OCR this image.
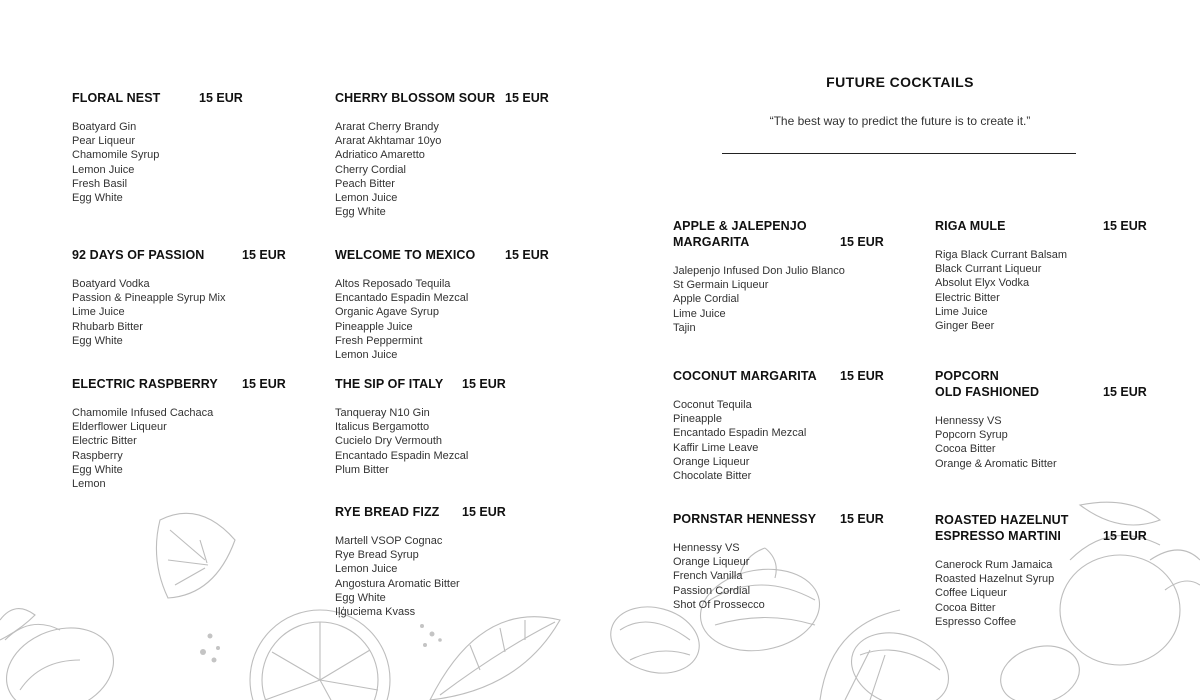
FLORAL NEST	15 EUR
Boatyard Gin
Pear Liqueur
Chamomile Syrup
Lemon Juice
Fresh Basil
Egg White
CHERRY BLOSSOM SOUR 15 EUR
Ararat Cherry Brandy
Ararat Akhtamar 10yo
Adriatico Amaretto
Cherry Cordial
Peach Bitter
Lemon Juice
Egg White
92 DAYS OF PASSION	15 EUR
Boatyard Vodka
Passion & Pineapple Syrup Mix
Lime Juice
Rhubarb Bitter
Egg White
WELCOME TO MEXICO 15 EUR
Altos Reposado Tequila
Encantado Espadin Mezcal
Organic Agave Syrup
Pineapple Juice
Fresh Peppermint
Lemon Juice
ELECTRIC RASPBERRY 15 EUR
Chamomile Infused Cachaca
Elderflower Liqueur
Electric Bitter
Raspberry
Egg White
Lemon
THE SIP OF ITALY 15 EUR
Tanqueray N10 Gin
Italicus Bergamotto
Cucielo Dry Vermouth
Encantado Espadin Mezcal
Plum Bitter
RYE BREAD FIZZ 15 EUR
Martell VSOP Cognac
Rye Bread Syrup
Lemon Juice
Angostura Aromatic Bitter
Egg White
Iļģuciema Kvass
FUTURE COCKTAILS
“The best way to predict the future is to create it.”
APPLE & JALEPENJO
MARGARITA	15 EUR
Jalepenjo Infused Don Julio Blanco
St Germain Liqueur
Apple Cordial
Lime Juice
Tajin
RIGA MULE	15 EUR
Riga Black Currant Balsam
Black Currant Liqueur
Absolut Elyx Vodka
Electric Bitter
Lime Juice
Ginger Beer
COCONUT MARGARITA 15 EUR
Coconut Tequila
Pineapple
Encantado Espadin Mezcal
Kaffir Lime Leave
Orange Liqueur
Chocolate Bitter
POPCORN
OLD FASHIONED	15 EUR
Hennessy VS
Popcorn Syrup
Cocoa Bitter
Orange & Aromatic Bitter
PORNSTAR HENNESSY 15 EUR
Hennessy VS
Orange Liqueur
French Vanilla
Passion Cordial
Shot Of Prossecco
ROASTED HAZELNUT
ESPRESSO MARTINI	15 EUR
Canerock Rum Jamaica
Roasted Hazelnut Syrup
Coffee Liqueur
Cocoa Bitter
Espresso Coffee
